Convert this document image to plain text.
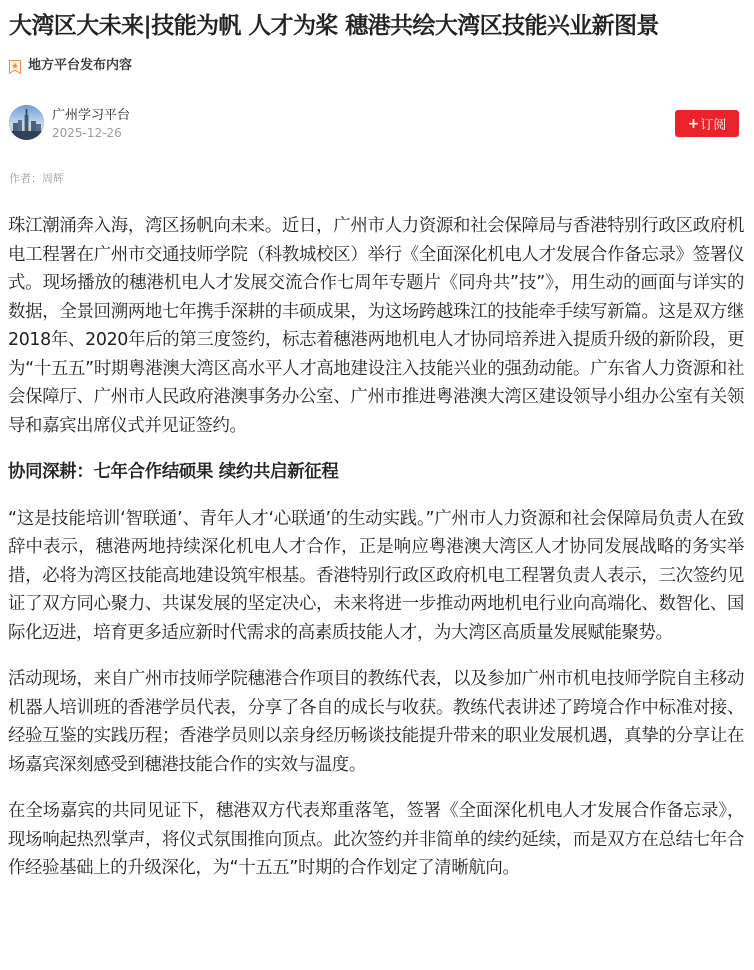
大湾区大未来|技能为帆 人才为桨 穗港共绘大湾区技能兴业新图景
地方平台发布内容
广州学习平台
2025-12-26
+ 订阅
作者：周辉

珠江潮涌奔入海，湾区扬帆向未来。近日，广州市人力资源和社会保障局与香港特别行政区政府机电工程署在广州市交通技师学院（科教城校区）举行《全面深化机电人才发展合作备忘录》签署仪式。现场播放的穗港机电人才发展交流合作七周年专题片《同舟共”技”》，用生动的画面与详实的数据，全景回溯两地七年携手深耕的丰硕成果，为这场跨越珠江的技能牵手续写新篇。这是双方继2018年、2020年后的第三度签约，标志着穗港两地机电人才协同培养进入提质升级的新阶段，更为“十五五”时期粤港澳大湾区高水平人才高地建设注入技能兴业的强劲动能。广东省人力资源和社会保障厅、广州市人民政府港澳事务办公室、广州市推进粤港澳大湾区建设领导小组办公室有关领导和嘉宾出席仪式并见证签约。

协同深耕：七年合作结硕果 续约共启新征程

“这是技能培训‘智联通’、青年人才‘心联通’的生动实践。”广州市人力资源和社会保障局负责人在致辞中表示，穗港两地持续深化机电人才合作，正是响应粤港澳大湾区人才协同发展战略的务实举措，必将为湾区技能高地建设筑牢根基。香港特别行政区政府机电工程署负责人表示，三次签约见证了双方同心聚力、共谋发展的坚定决心，未来将进一步推动两地机电行业向高端化、数智化、国际化迈进，培育更多适应新时代需求的高素质技能人才，为大湾区高质量发展赋能聚势。

活动现场，来自广州市技师学院穗港合作项目的教练代表，以及参加广州市机电技师学院自主移动机器人培训班的香港学员代表，分享了各自的成长与收获。教练代表讲述了跨境合作中标准对接、经验互鉴的实践历程；香港学员则以亲身经历畅谈技能提升带来的职业发展机遇，真挚的分享让在场嘉宾深刻感受到穗港技能合作的实效与温度。

在全场嘉宾的共同见证下，穗港双方代表郑重落笔，签署《全面深化机电人才发展合作备忘录》，现场响起热烈掌声，将仪式氛围推向顶点。此次签约并非简单的续约延续，而是双方在总结七年合作经验基础上的升级深化，为“十五五”时期的合作划定了清晰航向。
